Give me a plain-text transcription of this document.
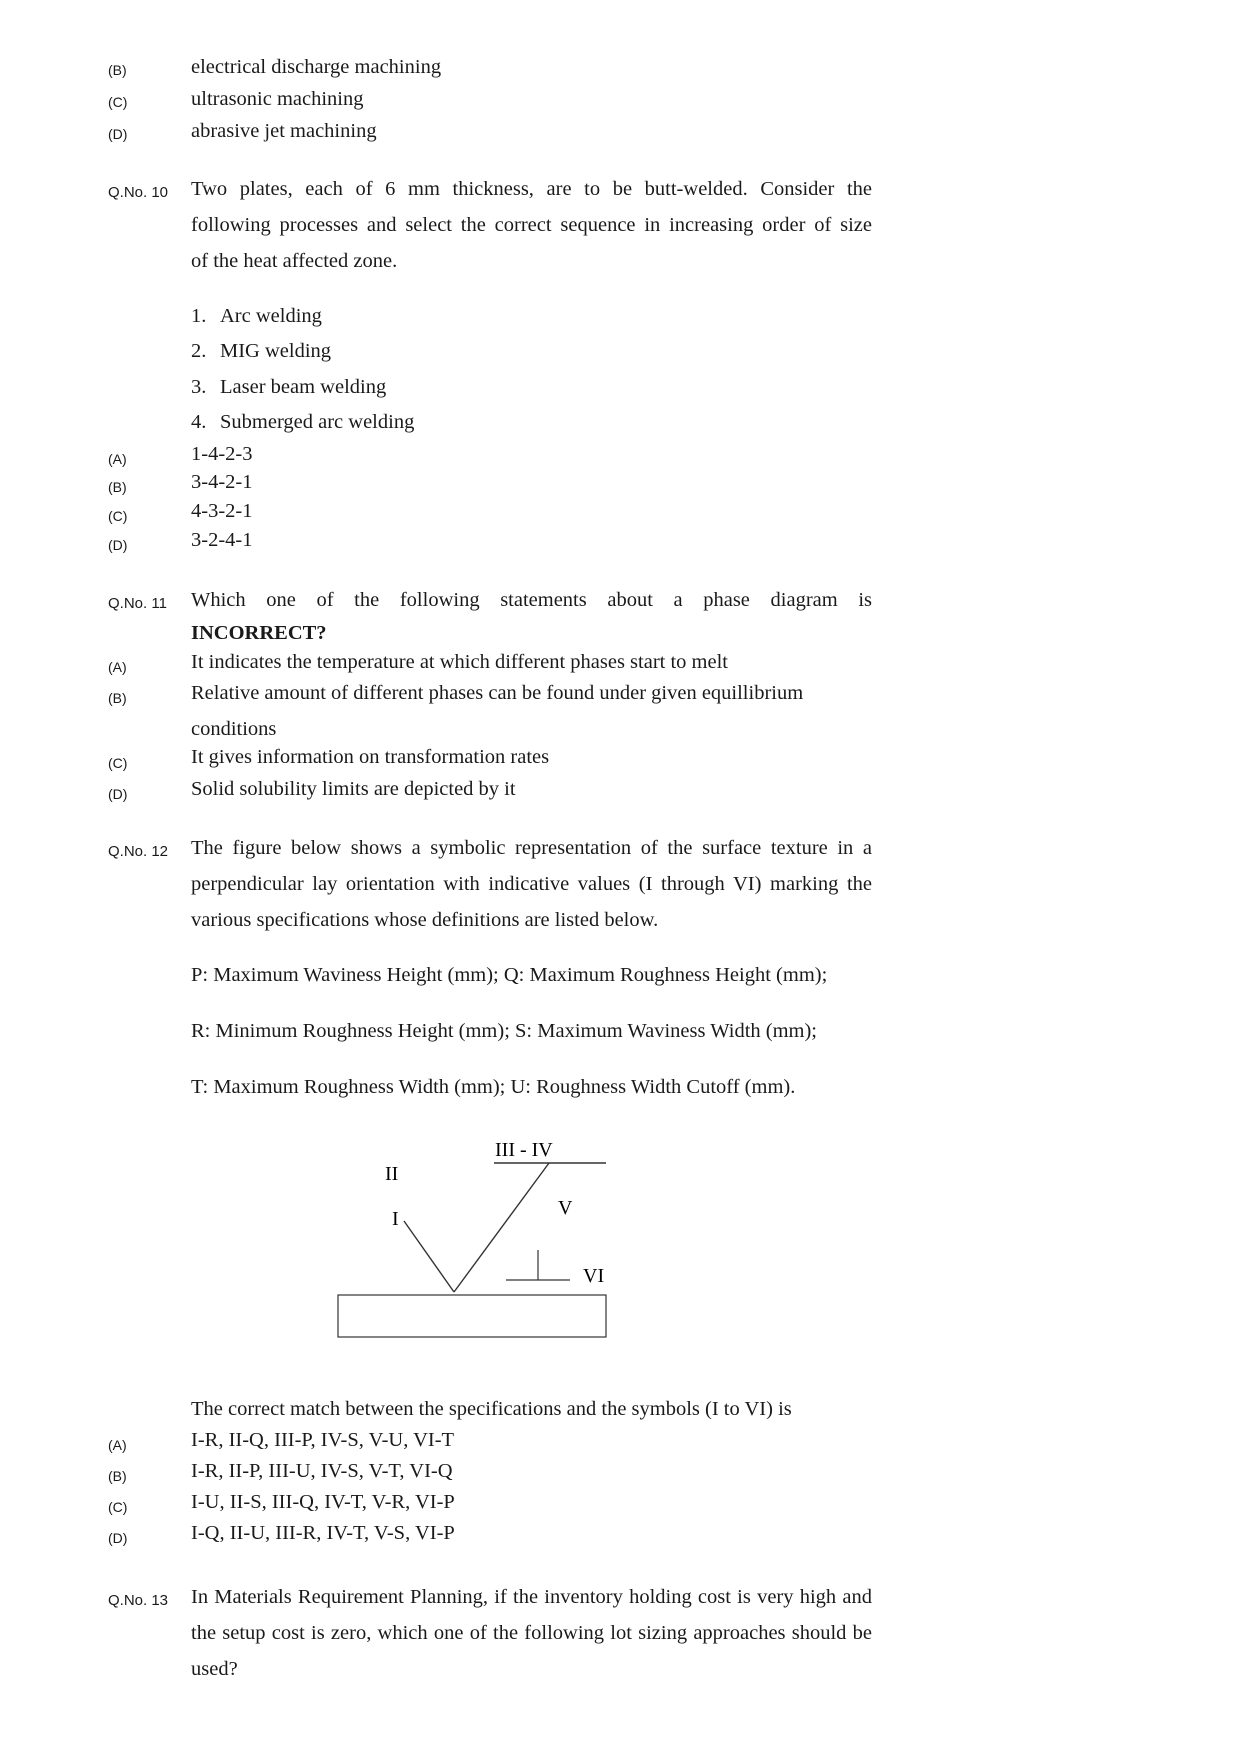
(B)	electrical discharge machining
(C)	ultrasonic machining
(D)	abrasive jet machining
Q.No. 10 Two plates, each of 6 mm thickness, are to be butt-welded. Consider the
following processes and select the correct sequence in increasing order of size
of the heat affected zone.
1. Arc welding
2. MIG welding
3. Laser beam welding
4. Submerged arc welding
(A)	1-4-2-3
(B)	3-4-2-1
(C)	4-3-2-1
(D)	3-2-4-1
Q.No. 11 Which one of the following statements about a phase diagram is
INCORRECT?
(A)	It indicates the temperature at which different phases start to melt
(B)	Relative amount of different phases can be found under given equillibrium
conditions
(C)	It gives information on transformation rates
(D)	Solid solubility limits are depicted by it
Q.No. 12 The figure below shows a symbolic representation of the surface texture in a
perpendicular lay orientation with indicative values (I through VI) marking the
various specifications whose definitions are listed below.
P: Maximum Waviness Height (mm); Q: Maximum Roughness Height (mm);
R: Minimum Roughness Height (mm); S: Maximum Waviness Width (mm);
T: Maximum Roughness Width (mm); U: Roughness Width Cutoff (mm).
III - IV
II
I	V
VI
The correct match between the specifications and the symbols (I to VI) is
(A)	I-R, II-Q, III-P, IV-S, V-U, VI-T
(B)	I-R, II-P, III-U, IV-S, V-T, VI-Q
(C)	I-U, II-S, III-Q, IV-T, V-R, VI-P
(D)	I-Q, II-U, III-R, IV-T, V-S, VI-P
Q.No. 13 In Materials Requirement Planning, if the inventory holding cost is very high and
the setup cost is zero, which one of the following lot sizing approaches should be
used?
